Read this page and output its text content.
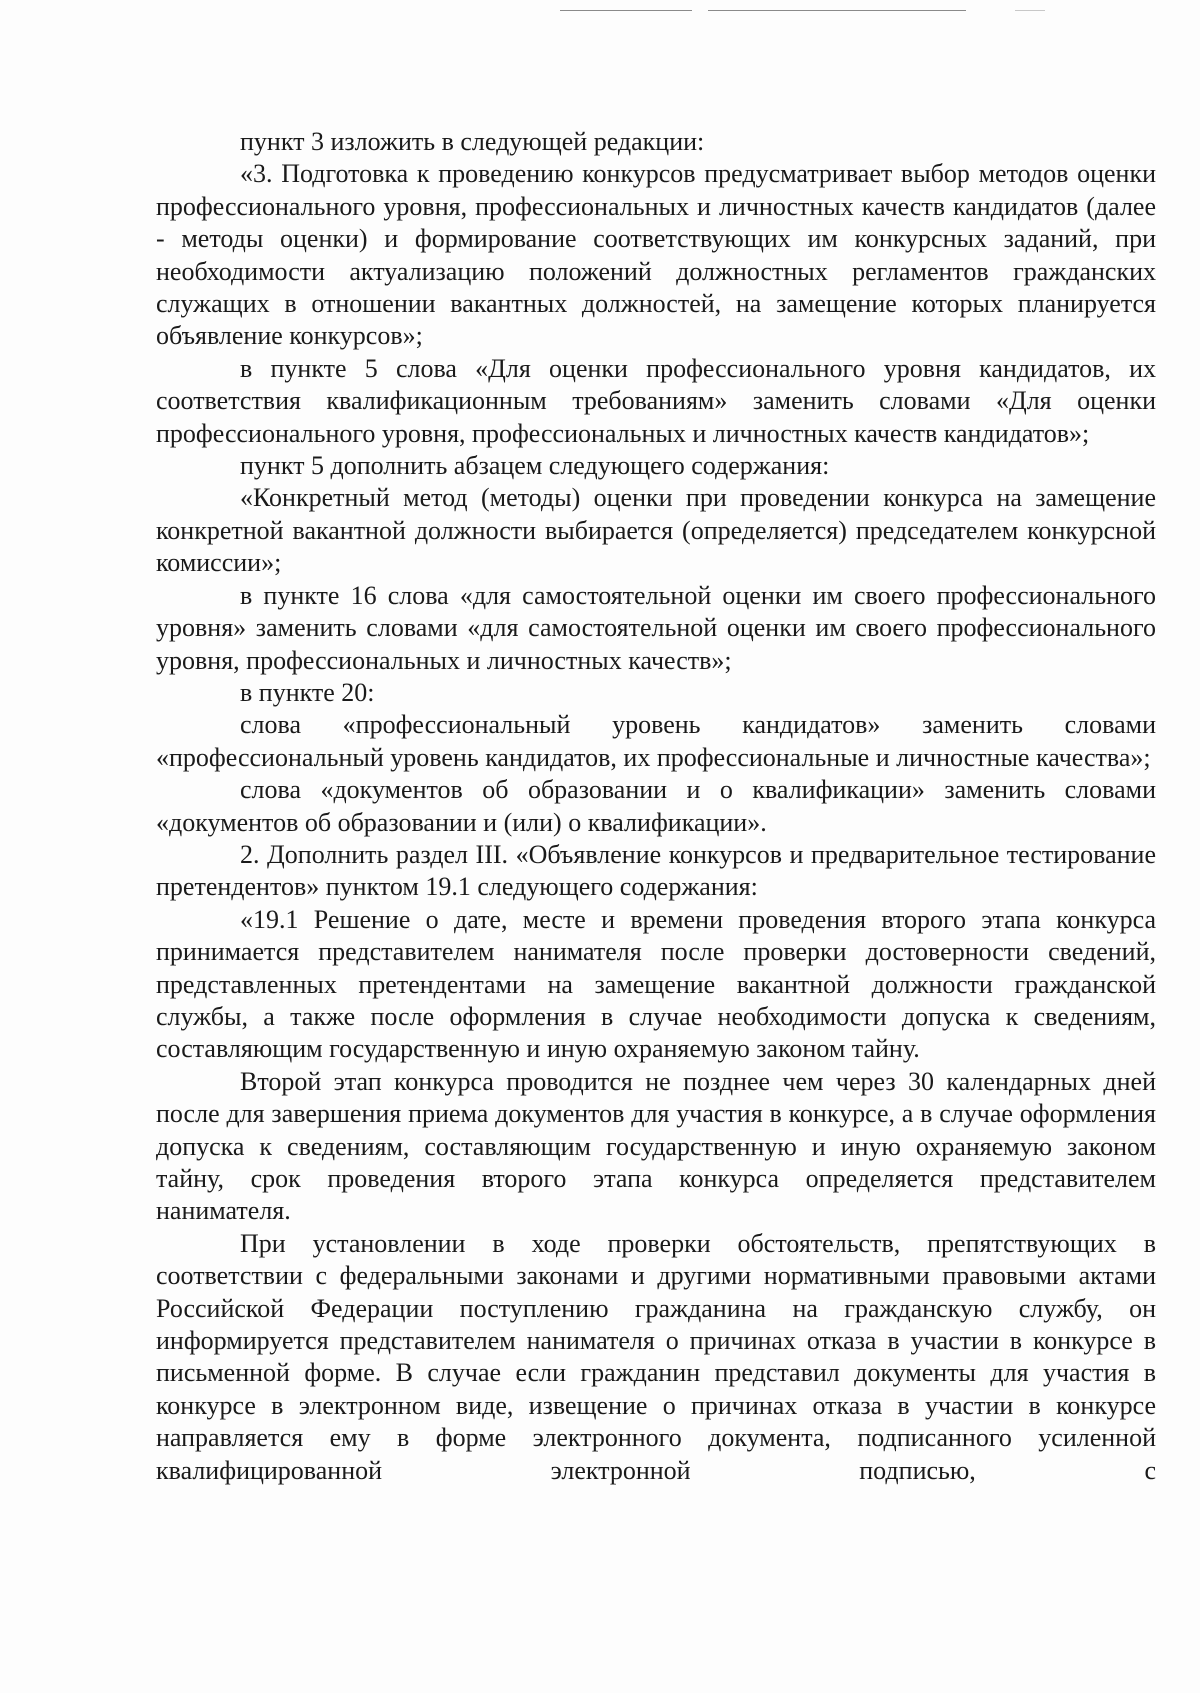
пункт 3 изложить в следующей редакции:

«3. Подготовка к проведению конкурсов предусматривает выбор методов оценки профессионального уровня, профессиональных и личностных качеств кандидатов (далее - методы оценки) и формирование соответствующих им конкурсных заданий, при необходимости актуализацию положений должностных регламентов гражданских служащих в отношении вакантных должностей, на замещение которых планируется объявление конкурсов»;

в пункте 5 слова «Для оценки профессионального уровня кандидатов, их соответствия квалификационным требованиям» заменить словами «Для оценки профессионального уровня, профессиональных и личностных качеств кандидатов»;

пункт 5 дополнить абзацем следующего содержания:

«Конкретный метод (методы) оценки при проведении конкурса на замещение конкретной вакантной должности выбирается (определяется) председателем конкурсной комиссии»;

в пункте 16 слова «для самостоятельной оценки им своего профессионального уровня» заменить словами «для самостоятельной оценки им своего профессионального уровня, профессиональных и личностных качеств»;

в пункте 20:

слова «профессиональный уровень кандидатов» заменить словами «профессиональный уровень кандидатов, их профессиональные и личностные качества»;

слова «документов об образовании и о квалификации» заменить словами «документов об образовании и (или) о квалификации».

2. Дополнить раздел III. «Объявление конкурсов и предварительное тестирование претендентов» пунктом 19.1 следующего содержания:

«19.1 Решение о дате, месте и времени проведения второго этапа конкурса принимается представителем нанимателя после проверки достоверности сведений, представленных претендентами на замещение вакантной должности гражданской службы, а также после оформления в случае необходимости допуска к сведениям, составляющим государственную и иную охраняемую законом тайну.

Второй этап конкурса проводится не позднее чем через 30 календарных дней после для завершения приема документов для участия в конкурсе, а в случае оформления допуска к сведениям, составляющим государственную и иную охраняемую законом тайну, срок проведения второго этапа конкурса определяется представителем нанимателя.

При установлении в ходе проверки обстоятельств, препятствующих в соответствии с федеральными законами и другими нормативными правовыми актами Российской Федерации поступлению гражданина на гражданскую службу, он информируется представителем нанимателя о причинах отказа в участии в конкурсе в письменной форме. В случае если гражданин представил документы для участия в конкурсе в электронном виде, извещение о причинах отказа в участии в конкурсе направляется ему в форме электронного документа, подписанного усиленной квалифицированной электронной подписью, с
